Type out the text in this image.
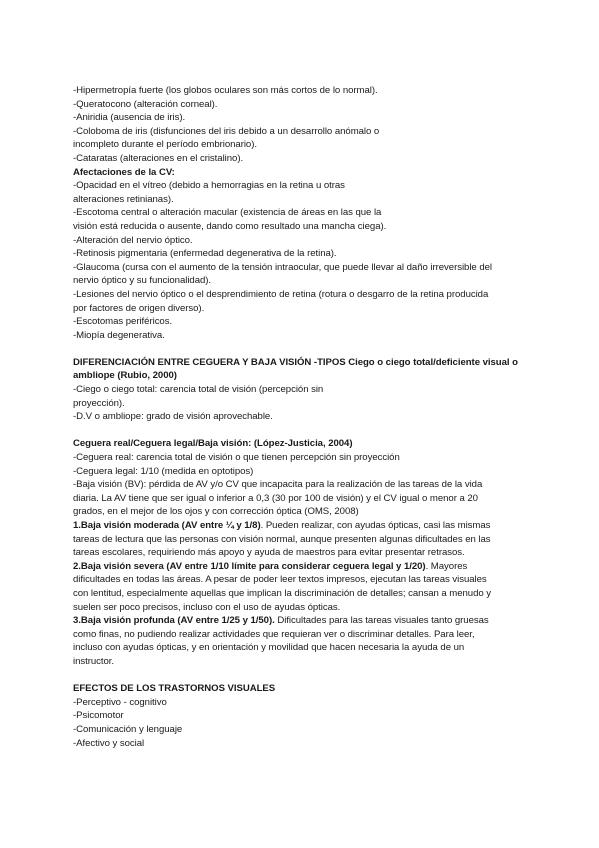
-Hipermetropía fuerte (los globos oculares son más cortos de lo normal).
-Queratocono (alteración corneal).
-Aniridia (ausencia de iris).
-Coloboma de iris (disfunciones del iris debido a un desarrollo anómalo o
incompleto durante el período embrionario).
-Cataratas (alteraciones en el cristalino).
Afectaciones de la CV:
-Opacidad en el vítreo (debido a hemorragias en la retina u otras
alteraciones retinianas).
-Escotoma central o alteración macular (existencia de áreas en las que la
visión está reducida o ausente, dando como resultado una mancha ciega).
-Alteración del nervio óptico.
-Retinosis pigmentaria (enfermedad degenerativa de la retina).
-Glaucoma (cursa con el aumento de la tensión intraocular, que puede llevar al daño irreversible del
nervio óptico y su funcionalidad).
-Lesiones del nervio óptico o el desprendimiento de retina (rotura o desgarro de la retina producida
por factores de origen diverso).
-Escotomas periféricos.
-Miopía degenerativa.
DIFERENCIACIÓN ENTRE CEGUERA Y BAJA VISIÓN -TIPOS Ciego o ciego total/deficiente visual o
ambliope (Rubio, 2000)
-Ciego o ciego total: carencia total de visión (percepción sin
proyección).
-D.V o ambliope: grado de visión aprovechable.
Ceguera real/Ceguera legal/Baja visión: (López-Justicia, 2004)
-Ceguera real: carencia total de visión o que tienen percepción sin proyección
-Ceguera legal: 1/10 (medida en optotipos)
-Baja visión (BV): pérdida de AV y/o CV que incapacita para la realización de las tareas de la vida
diaria. La AV tiene que ser igual o inferior a 0,3 (30 por 100 de visión) y el CV igual o menor a 20
grados, en el mejor de los ojos y con corrección óptica (OMS, 2008)
1.Baja visión moderada (AV entre ¼ y 1/8). Pueden realizar, con ayudas ópticas, casi las mismas
tareas de lectura que las personas con visión normal, aunque presenten algunas dificultades en las
tareas escolares, requiriendo más apoyo y ayuda de maestros para evitar presentar retrasos.
2.Baja visión severa (AV entre 1/10 límite para considerar ceguera legal y 1/20). Mayores
dificultades en todas las áreas. A pesar de poder leer textos impresos, ejecutan las tareas visuales
con lentitud, especialmente aquellas que implican la discriminación de detalles; cansan a menudo y
suelen ser poco precisos, incluso con el uso de ayudas ópticas.
3.Baja visión profunda (AV entre 1/25 y 1/50). Dificultades para las tareas visuales tanto gruesas
como finas, no pudiendo realizar actividades que requieran ver o discriminar detalles. Para leer,
incluso con ayudas ópticas, y en orientación y movilidad que hacen necesaria la ayuda de un
instructor.
EFECTOS DE LOS TRASTORNOS VISUALES
-Perceptivo - cognitivo
-Psicomotor
-Comunicación y lenguaje
-Afectivo y social
